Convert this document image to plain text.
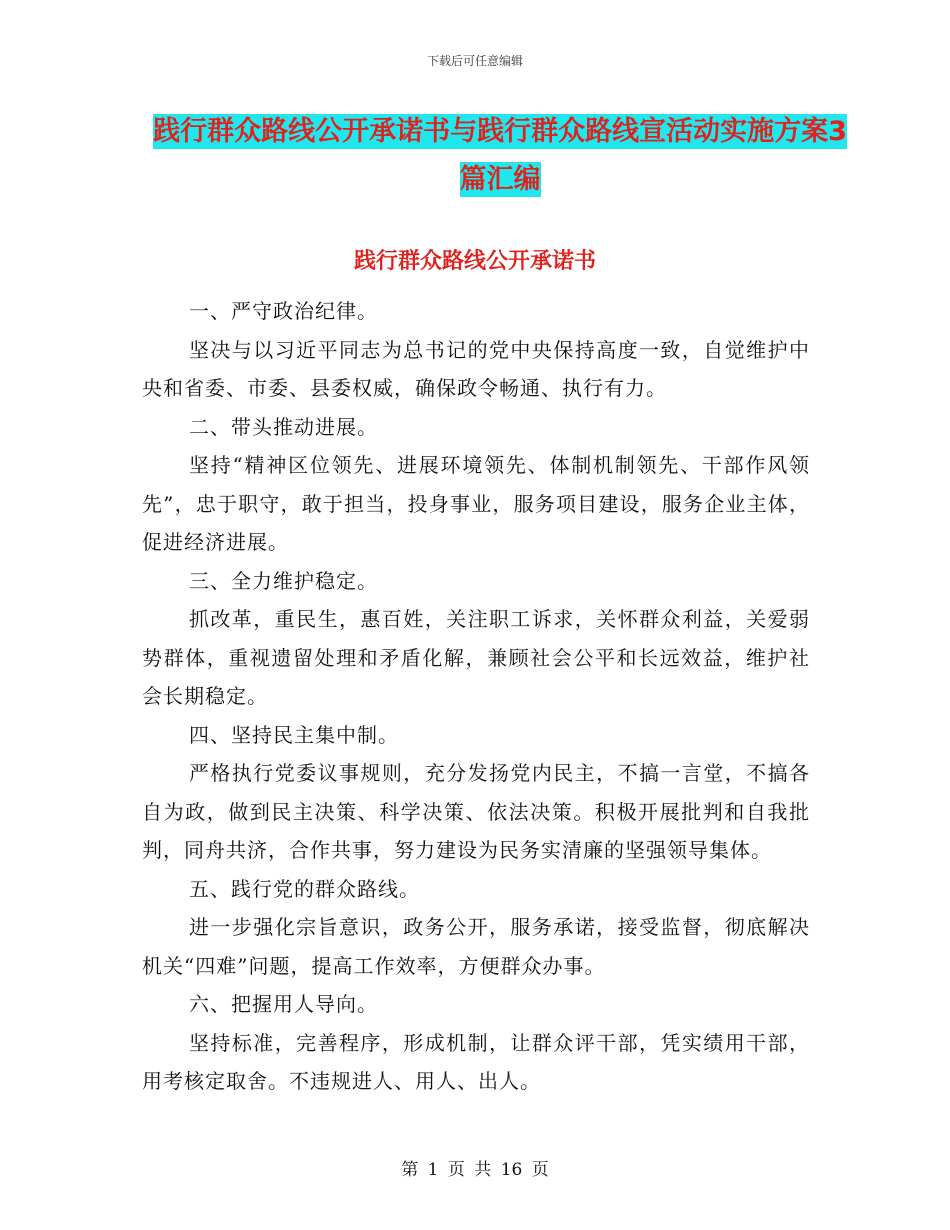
下载后可任意编辑
践行群众路线公开承诺书与践行群众路线宣活动实施方案3篇汇编
践行群众路线公开承诺书

一、严守政治纪律。

坚决与以习近平同志为总书记的党中央保持高度一致，自觉维护中央和省委、市委、县委权威，确保政令畅通、执行有力。

二、带头推动进展。

坚持“精神区位领先、进展环境领先、体制机制领先、干部作风领先”，忠于职守，敢于担当，投身事业，服务项目建设，服务企业主体，促进经济进展。

三、全力维护稳定。

抓改革，重民生，惠百姓，关注职工诉求，关怀群众利益，关爱弱势群体，重视遗留处理和矛盾化解，兼顾社会公平和长远效益，维护社会长期稳定。

四、坚持民主集中制。

严格执行党委议事规则，充分发扬党内民主，不搞一言堂，不搞各自为政，做到民主决策、科学决策、依法决策。积极开展批判和自我批判，同舟共济，合作共事，努力建设为民务实清廉的坚强领导集体。

五、践行党的群众路线。

进一步强化宗旨意识，政务公开，服务承诺，接受监督，彻底解决机关“四难”问题，提高工作效率，方便群众办事。

六、把握用人导向。

坚持标准，完善程序，形成机制，让群众评干部，凭实绩用干部，用考核定取舍。不违规进人、用人、出人。

第 1 页 共 16 页
